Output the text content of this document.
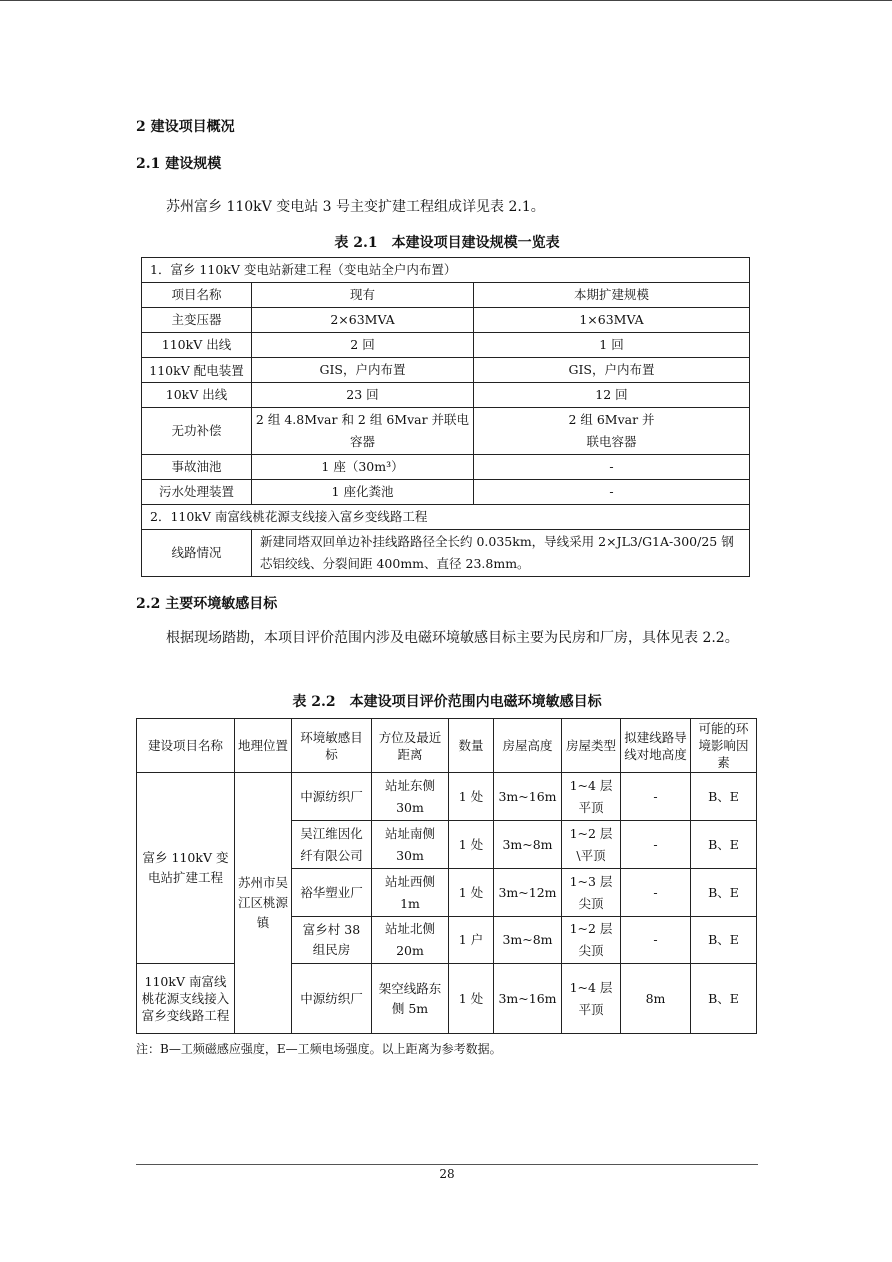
2 建设项目概况
2.1 建设规模
苏州富乡 110kV 变电站 3 号主变扩建工程组成详见表 2.1。
表 2.1　本建设项目建设规模一览表
1．富乡 110kV 变电站新建工程（变电站全户内布置）		
项目名称	现有	本期扩建规模
主变压器	2×63MVA	1×63MVA
110kV 出线	2 回	1 回
110kV 配电装置	GIS，户内布置	GIS，户内布置
10kV 出线	23 回	12 回
无功补偿	2 组 4.8Mvar 和 2 组 6Mvar 并联电容器	2 组 6Mvar 并联电容器
事故油池	1 座（30m³）	-
污水处理装置	1 座化粪池	-
2．110kV 南富线桃花源支线接入富乡变线路工程		
线路情况	新建同塔双回单边补挂线路路径全长约 0.035km，导线采用 2×JL3/G1A-300/25 钢芯铝绞线、分裂间距 400mm、直径 23.8mm。	
2.2 主要环境敏感目标
根据现场踏勘，本项目评价范围内涉及电磁环境敏感目标主要为民房和厂房，具体见表 2.2。
表 2.2　本建设项目评价范围内电磁环境敏感目标
建设项目名称	地理位置	环境敏感目标	方位及最近距离	数量	房屋高度	房屋类型	拟建线路导线对地高度	可能的环境影响因素
富乡 110kV 变电站扩建工程	苏州市吴江区桃源镇	中源纺织厂	站址东侧 30m	1 处	3m~16m	1~4 层平顶	-	B、E
		吴江维因化纤有限公司	站址南侧 30m	1 处	3m~8m	1~2 层\平顶	-	B、E
		裕华塑业厂	站址西侧 1m	1 处	3m~12m	1~3 层尖顶	-	B、E
		富乡村 38 组民房	站址北侧 20m	1 户	3m~8m	1~2 层尖顶	-	B、E
110kV 南富线桃花源支线接入富乡变线路工程		中源纺织厂	架空线路东侧 5m	1 处	3m~16m	1~4 层平顶	8m	B、E
注：B—工频磁感应强度，E—工频电场强度。以上距离为参考数据。
28
